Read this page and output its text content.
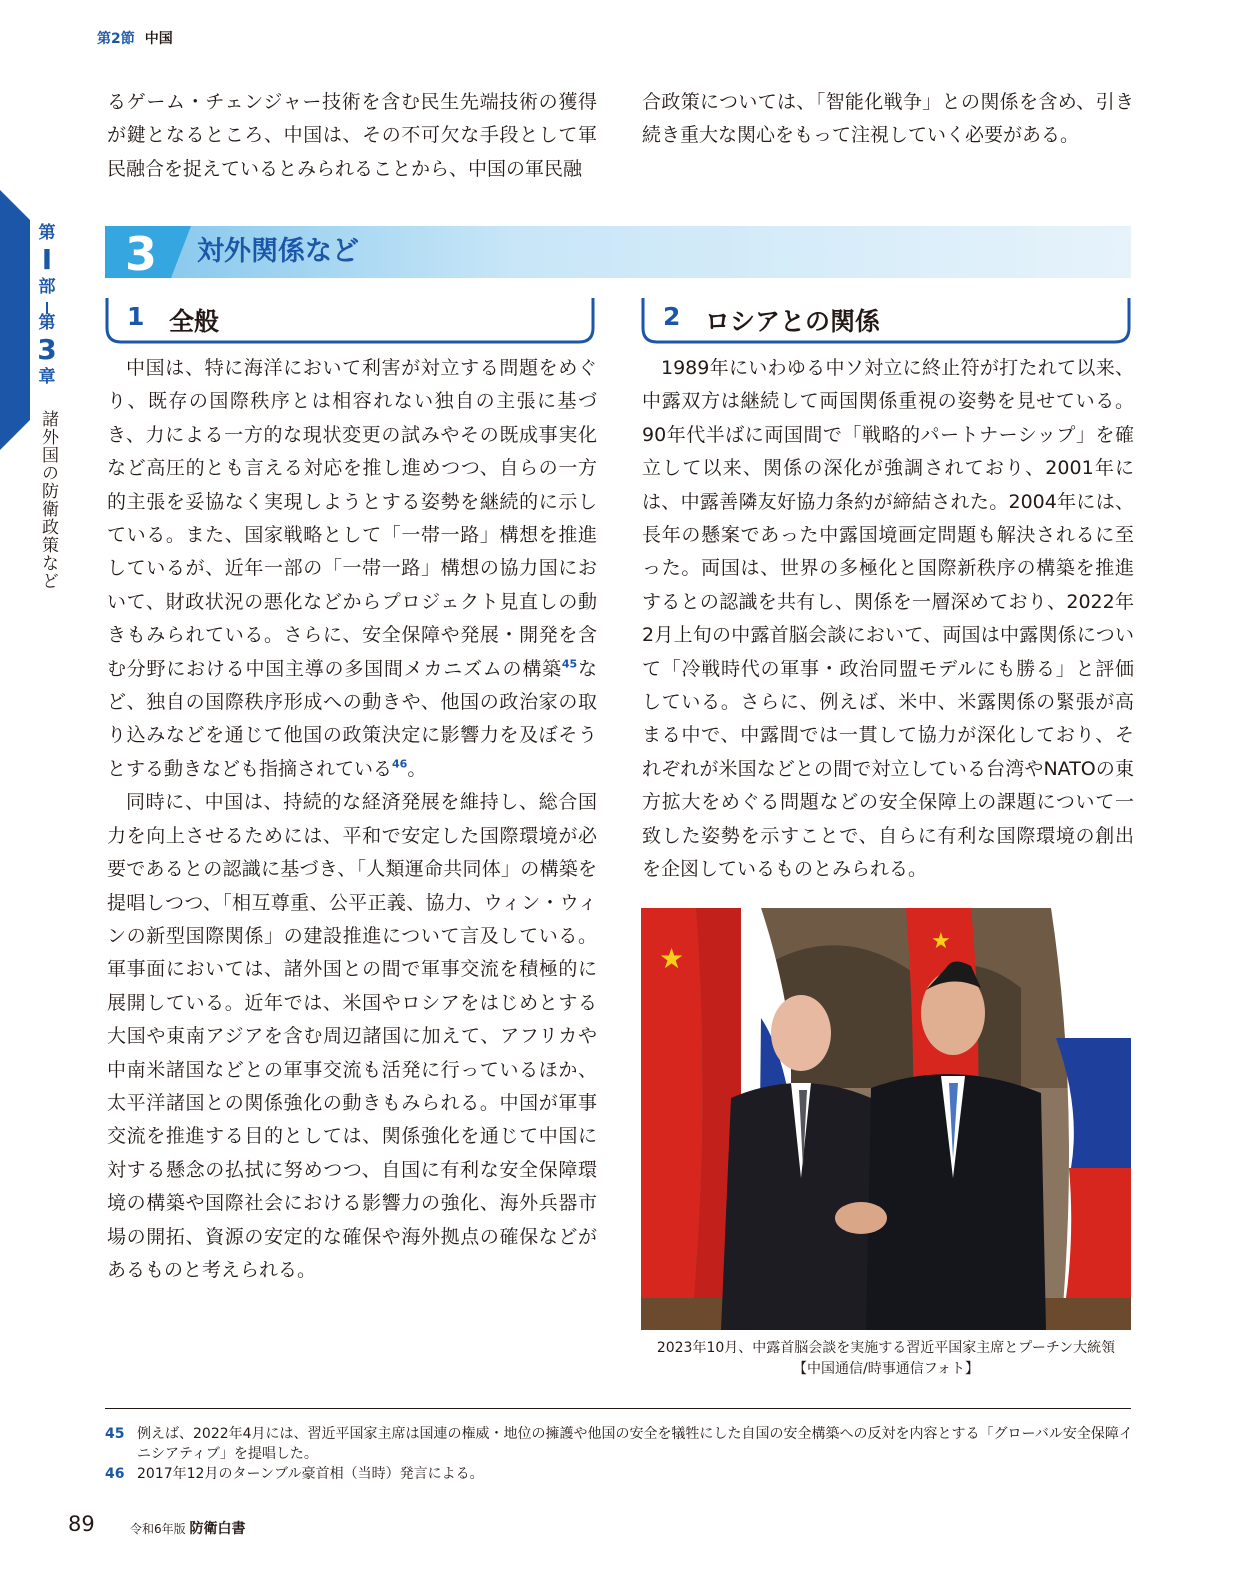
第2節 中国
第
I
部
第
3
章
諸外国の防衛政策など

るゲーム・チェンジャー技術を含む民生先端技術の獲得が鍵となるところ、中国は、その不可欠な手段として軍民融合を捉えているとみられることから、中国の軍民融

合政策については、「智能化戦争」との関係を含め、引き続き重大な関心をもって注視していく必要がある。

3 対外関係など
1 全般	2 ロシアとの関係

中国は、特に海洋において利害が対立する問題をめぐり、既存の国際秩序とは相容れない独自の主張に基づき、力による一方的な現状変更の試みやその既成事実化など高圧的とも言える対応を推し進めつつ、自らの一方的主張を妥協なく実現しようとする姿勢を継続的に示している。また、国家戦略として「一帯一路」構想を推進しているが、近年一部の「一帯一路」構想の協力国において、財政状況の悪化などからプロジェクト見直しの動きもみられている。さらに、安全保障や発展・開発を含む分野における中国主導の多国間メカニズムの構築$^{45}$など、独自の国際秩序形成への動きや、他国の政治家の取り込みなどを通じて他国の政策決定に影響力を及ぼそうとする動きなども指摘されている$^{46}$。

同時に、中国は、持続的な経済発展を維持し、総合国力を向上させるためには、平和で安定した国際環境が必要であるとの認識に基づき、「人類運命共同体」の構築を提唱しつつ、「相互尊重、公平正義、協力、ウィン・ウィンの新型国際関係」の建設推進について言及している。軍事面においては、諸外国との間で軍事交流を積極的に展開している。近年では、米国やロシアをはじめとする大国や東南アジアを含む周辺諸国に加えて、アフリカや中南米諸国などとの軍事交流も活発に行っているほか、太平洋諸国との関係強化の動きもみられる。中国が軍事交流を推進する目的としては、関係強化を通じて中国に対する懸念の払拭に努めつつ、自国に有利な安全保障環境の構築や国際社会における影響力の強化、海外兵器市場の開拓、資源の安定的な確保や海外拠点の確保などがあるものと考えられる。

1989年にいわゆる中ソ対立に終止符が打たれて以来、中露双方は継続して両国関係重視の姿勢を見せている。90年代半ばに両国間で「戦略的パートナーシップ」を確立して以来、関係の深化が強調されており、2001年には、中露善隣友好協力条約が締結された。2004年には、長年の懸案であった中露国境画定問題も解決されるに至った。両国は、世界の多極化と国際新秩序の構築を推進するとの認識を共有し、関係を一層深めており、2022年2月上旬の中露首脳会談において、両国は中露関係について「冷戦時代の軍事・政治同盟モデルにも勝る」と評価している。さらに、例えば、米中、米露関係の緊張が高まる中で、中露間では一貫して協力が深化しており、それぞれが米国などとの間で対立している台湾やNATOの東方拡大をめぐる問題などの安全保障上の課題について一致した姿勢を示すことで、自らに有利な国際環境の創出を企図しているものとみられる。

★
★
2023年10月、中露首脳会談を実施する習近平国家主席とプーチン大統領
【中国通信/時事通信フォト】
45 例えば、2022年4月には、習近平国家主席は国連の権威・地位の擁護や他国の安全を犠牲にした自国の安全構築への反対を内容とする「グローバル安全保障イニシアティブ」を提唱した。
46 2017年12月のターンブル豪首相（当時）発言による。
89	令和6年版 防衛白書
